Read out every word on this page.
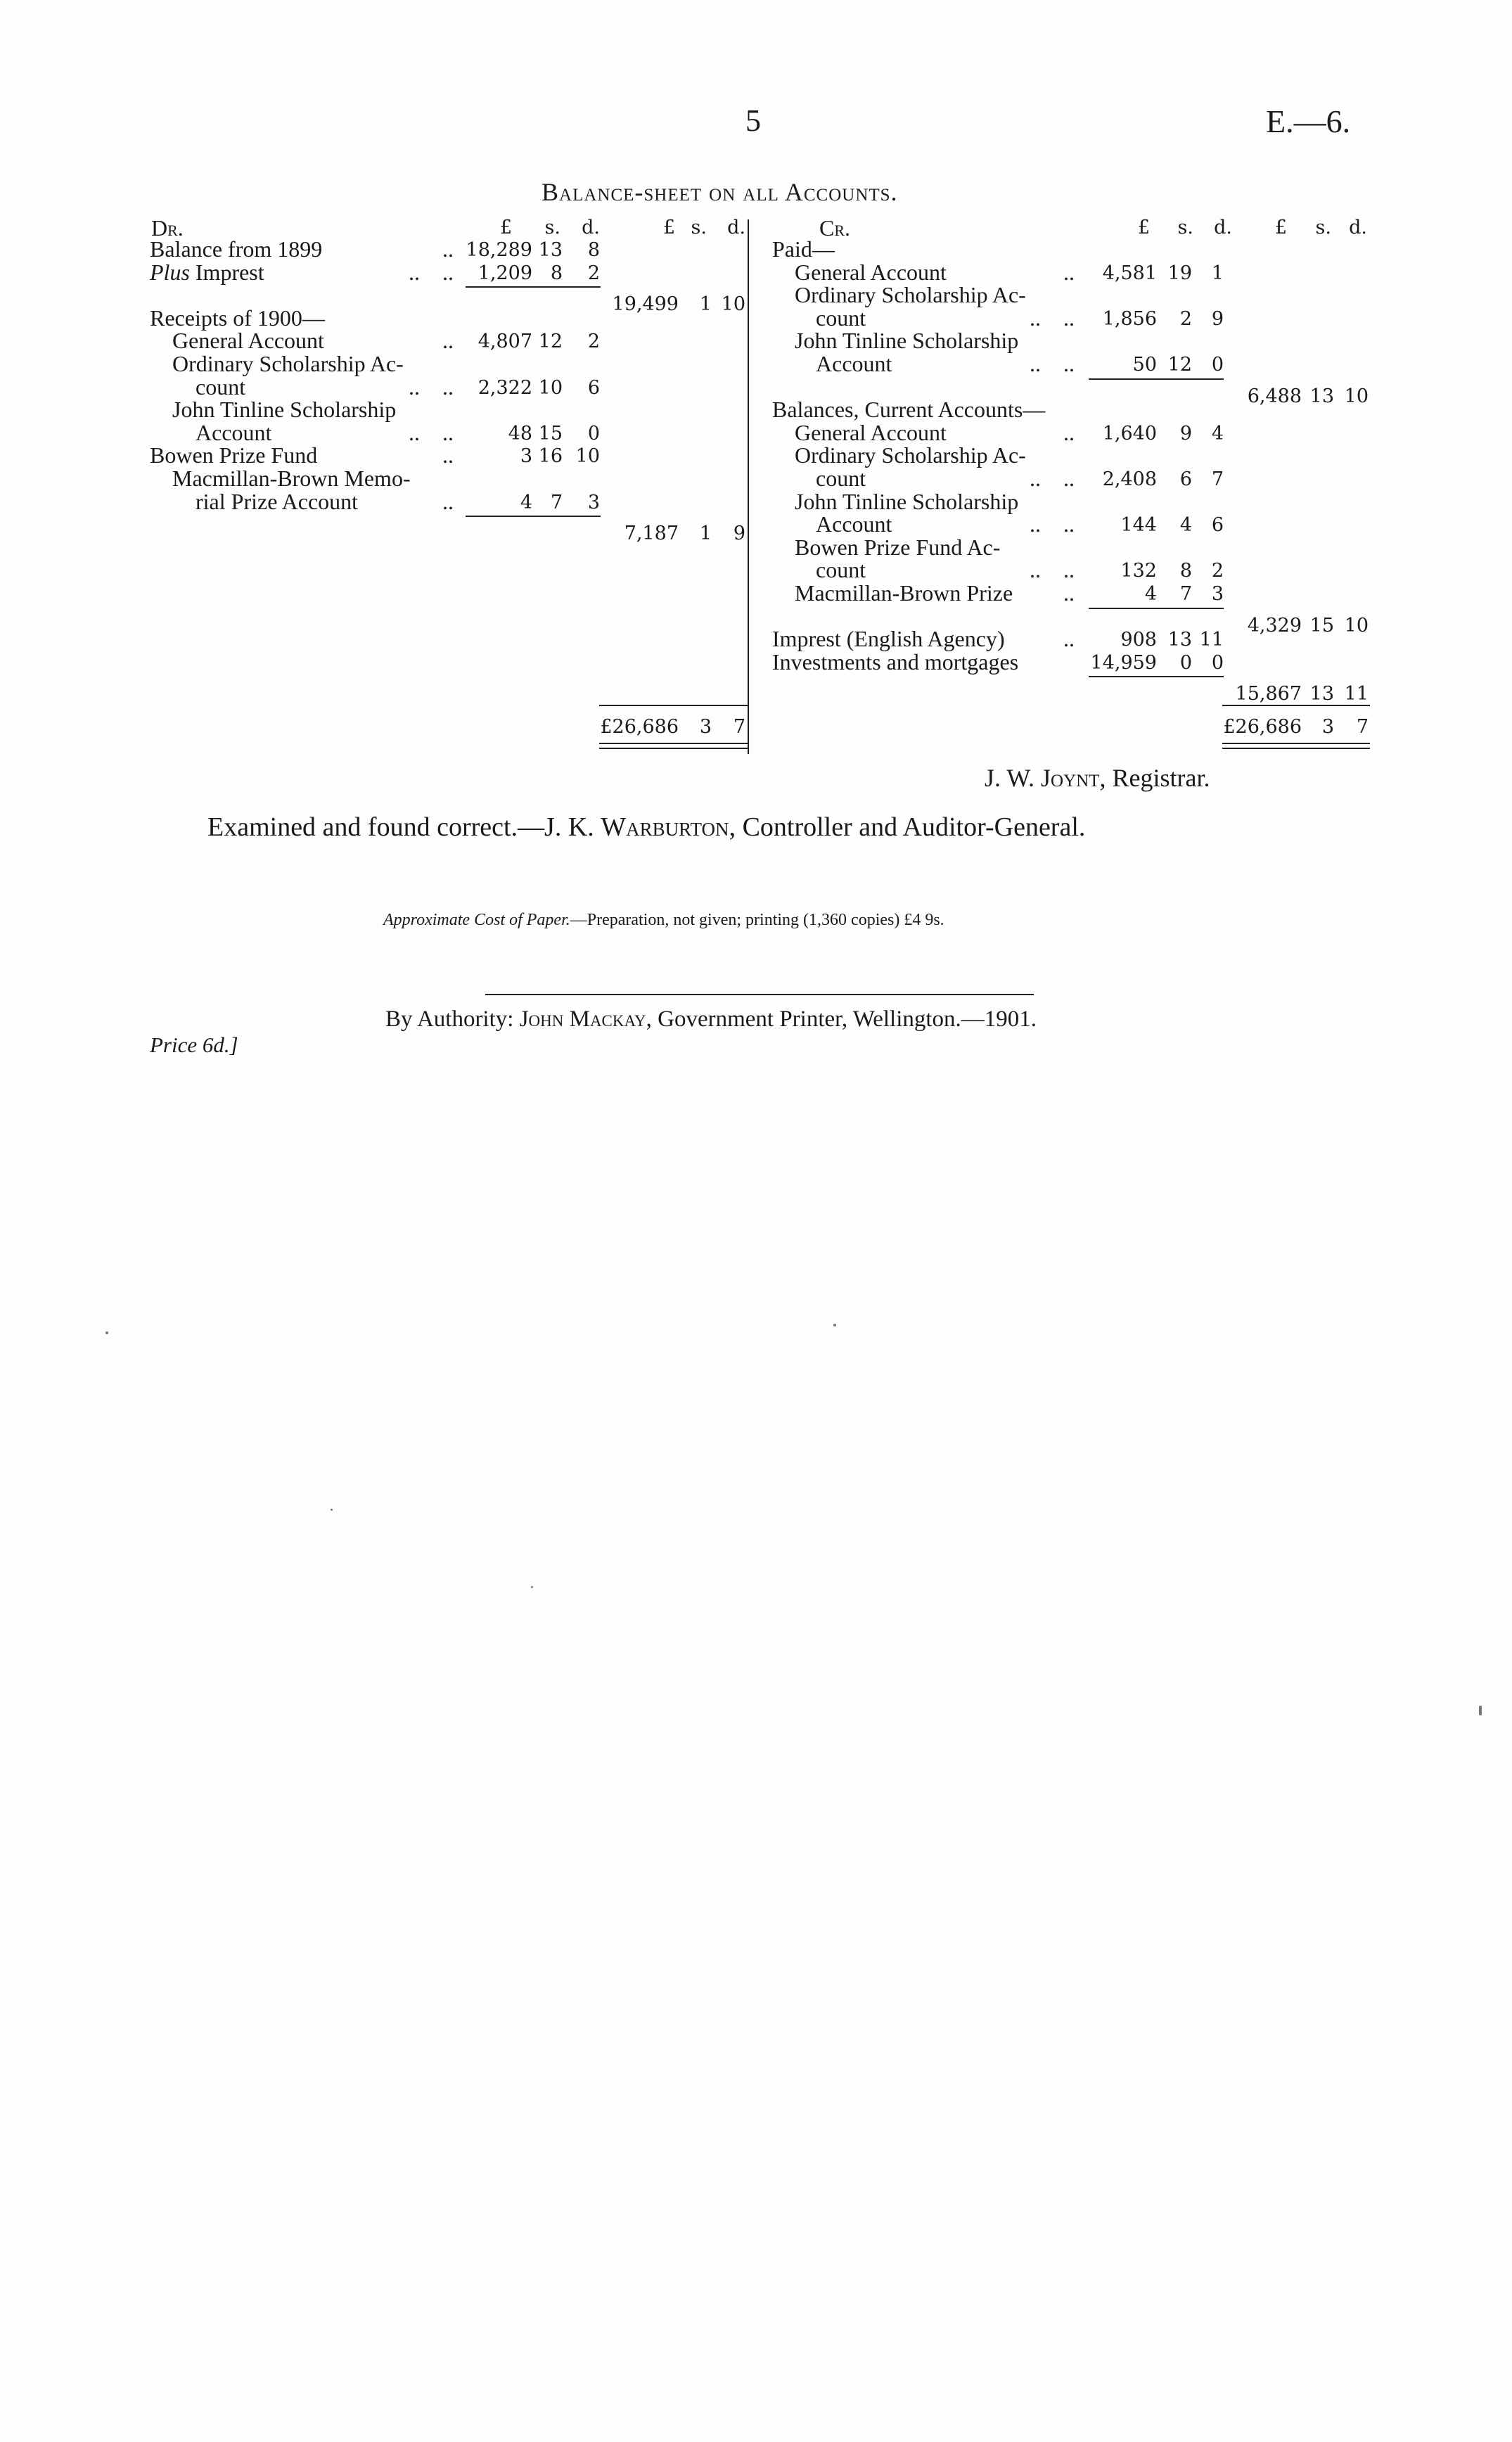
5	E.—6.
Balance-sheet on all Accounts.
Dr.	£ s. d.	£ s. d.
Balance from 1899	.. 18,289 13 8
Plus Imprest	..    .. 1,209 8 2
19,499 1 10
Receipts of 1900—
General Account	.. 4,807 12 2
Ordinary Scholarship Ac-
count	..    .. 2,322 10 6
John Tinline Scholarship
Account	..    ..	48 15 0
Bowen Prize Fund	..	3 16 10
Macmillan-Brown Memo-
rial Prize Account	..	4 7 3
7,187 1 9
£26,686 3 7
Cr.	£ s. d. £ s. d.
Paid—
General Account	.. 4,581 19 1
Ordinary Scholarship Ac-
count	..    .. 1,856 2 9
John Tinline Scholarship
Account	..    ..	50 12 0
6,488 13 10
Balances, Current Accounts—
General Account	.. 1,640 9 4
Ordinary Scholarship Ac-
count	..    .. 2,408 6 7
John Tinline Scholarship
Account	..    .. 144 4 6
Bowen Prize Fund Ac-
count	..    .. 132 8 2
Macmillan-Brown Prize ..	4 7 3
4,329 15 10
Imprest (English Agency)	.. 908 13 11
Investments and mortgages	14,959 0 0
15,867 13 11
£26,686 3 7
J. W. Joynt, Registrar.
Examined and found correct.—J. K. Warburton, Controller and Auditor-General.
Approximate Cost of Paper.—Preparation, not given; printing (1,360 copies) £4 9s.
By Authority: John Mackay, Government Printer, Wellington.—1901.
Price 6d.]
